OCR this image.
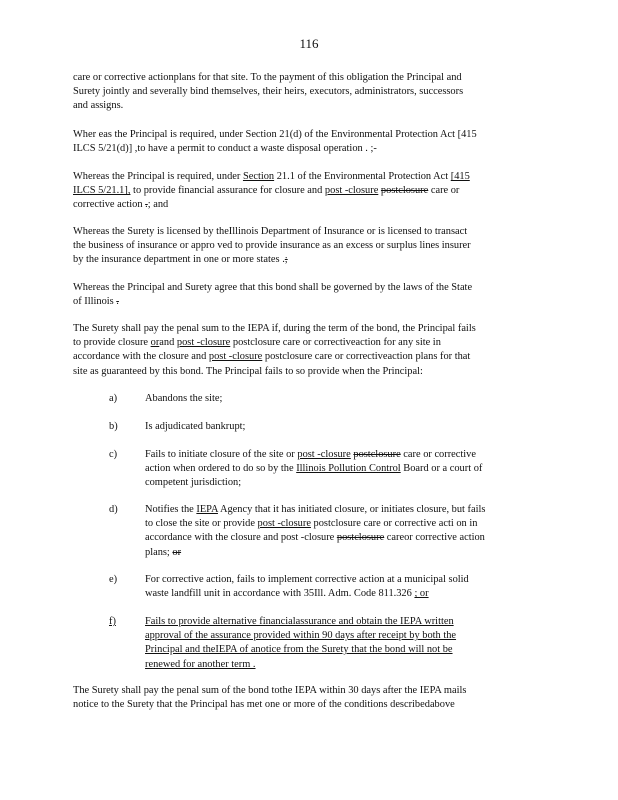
116
care or corrective actionplans for that site. To the payment of this obligation the Principal and
Surety jointly and severally bind themselves, their heirs, executors, administrators, successors
and assigns.
Wher eas the Principal is required, under Section 21(d) of the Environmental Protection Act [415
ILCS 5/21(d)] ,to have a permit to conduct a waste disposal operation . ;-
Whereas the Principal is required, under Section 21.1 of the Environmental Protection Act [415
ILCS 5/21.1], to provide financial assurance for closure and post -closure postclosure care or
corrective action .; and
Whereas the Surety is licensed by theIllinois Department of Insurance or is licensed to transact
the business of insurance or appro ved to provide insurance as an excess or surplus lines insurer
by the insurance department in one or more states .;
Whereas the Principal and Surety agree that this bond shall be governed by the laws of the State
of Illinois .
The Surety shall pay the penal sum to the IEPA if, during the term of the bond, the Principal fails
to provide closure orand post -closure postclosure care or correctiveaction for any site in
accordance with the closure and post -closure postclosure care or correctiveaction plans for that
site as guaranteed by this bond. The Principal fails to so provide when the Principal:
a)	Abandons the site;
b)	Is adjudicated bankrupt;
c)	Fails to initiate closure of the site or post -closure postclosure care or corrective
action when ordered to do so by the Illinois Pollution Control Board or a court of
competent jurisdiction;
d)	Notifies the IEPA Agency that it has initiated closure, or initiates closure, but fails
to close the site or provide post -closure postclosure care or corrective acti on in
accordance with the closure and post -closure postclosure careor corrective action
plans; or
e)	For corrective action, fails to implement corrective action at a municipal solid
waste landfill unit in accordance with 35Ill. Adm. Code 811.326 ; or
f)	Fails to provide alternative financialassurance and obtain the IEPA written
approval of the assurance provided within 90 days after receipt by both the
Principal and theIEPA of anotice from the Surety that the bond will not be
renewed for another term .
The Surety shall pay the penal sum of the bond tothe IEPA within 30 days after the IEPA mails
notice to the Surety that the Principal has met one or more of the conditions describedabove
